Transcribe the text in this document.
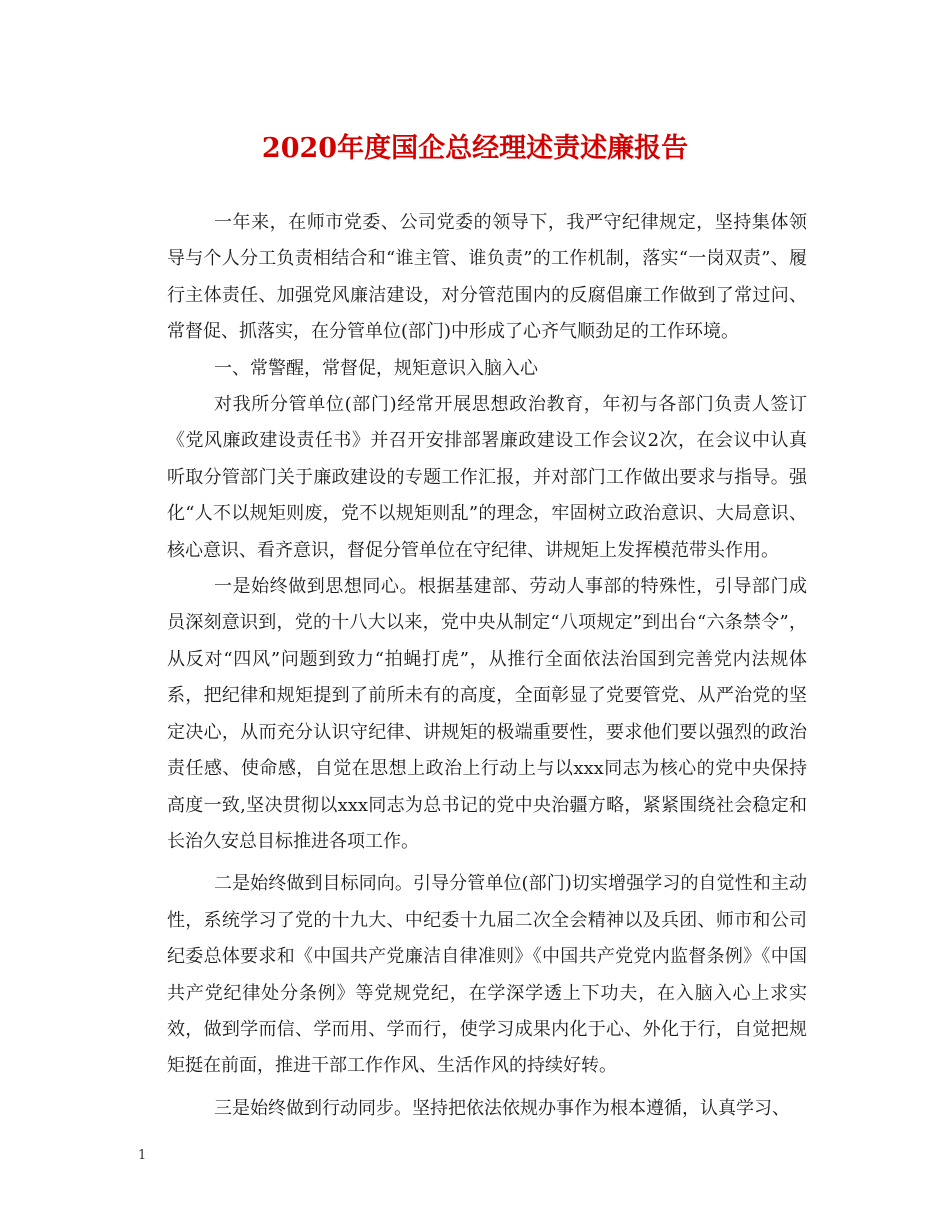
2020年度国企总经理述责述廉报告

一年来，在师市党委、公司党委的领导下，我严守纪律规定，坚持集体领导与个人分工负责相结合和“谁主管、谁负责”的工作机制，落实“一岗双责”、履行主体责任、加强党风廉洁建设，对分管范围内的反腐倡廉工作做到了常过问、常督促、抓落实，在分管单位(部门)中形成了心齐气顺劲足的工作环境。

一、常警醒，常督促，规矩意识入脑入心

对我所分管单位(部门)经常开展思想政治教育，年初与各部门负责人签订《党风廉政建设责任书》并召开安排部署廉政建设工作会议2次，在会议中认真听取分管部门关于廉政建设的专题工作汇报，并对部门工作做出要求与指导。强化“人不以规矩则废，党不以规矩则乱”的理念，牢固树立政治意识、大局意识、核心意识、看齐意识，督促分管单位在守纪律、讲规矩上发挥模范带头作用。

一是始终做到思想同心。根据基建部、劳动人事部的特殊性，引导部门成员深刻意识到，党的十八大以来，党中央从制定“八项规定”到出台“六条禁令”，从反对“四风”问题到致力“拍蝇打虎”，从推行全面依法治国到完善党内法规体系，把纪律和规矩提到了前所未有的高度，全面彰显了党要管党、从严治党的坚定决心，从而充分认识守纪律、讲规矩的极端重要性，要求他们要以强烈的政治责任感、使命感，自觉在思想上政治上行动上与以xxx同志为核心的党中央保持高度一致,坚决贯彻以xxx同志为总书记的党中央治疆方略，紧紧围绕社会稳定和长治久安总目标推进各项工作。

二是始终做到目标同向。引导分管单位(部门)切实增强学习的自觉性和主动性，系统学习了党的十九大、中纪委十九届二次全会精神以及兵团、师市和公司纪委总体要求和《中国共产党廉洁自律准则》《中国共产党党内监督条例》《中国共产党纪律处分条例》等党规党纪，在学深学透上下功夫，在入脑入心上求实效，做到学而信、学而用、学而行，使学习成果内化于心、外化于行，自觉把规矩挺在前面，推进干部工作作风、生活作风的持续好转。

三是始终做到行动同步。坚持把依法依规办事作为根本遵循，认真学习、

1
